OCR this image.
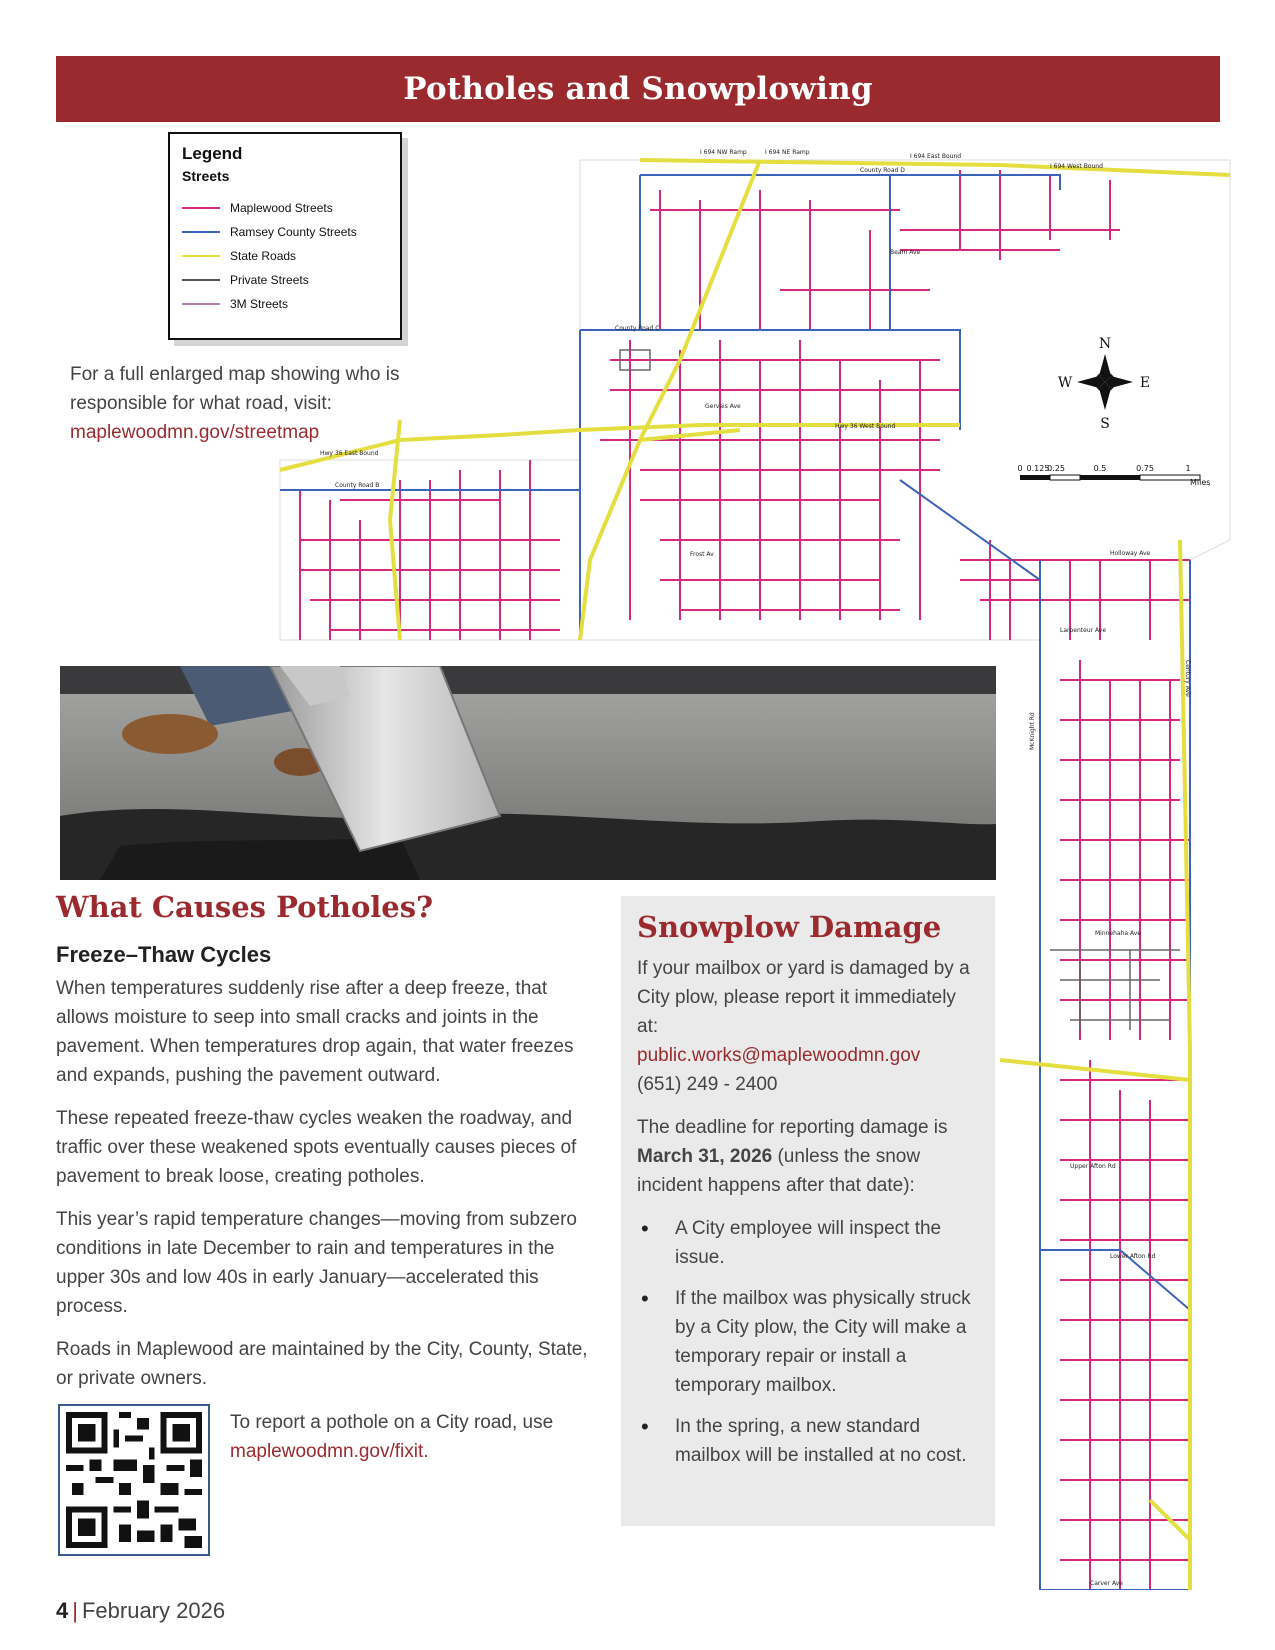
Potholes and Snowplowing
N
S
E
W
0 0.125
0.25	0.5	0.75	1
Miles
I 694 NW Ramp	I 694 NE Ramp
I 694 East Bound
I 694 West Bound
County Road D
County Road C
County Road B
Hwy 36 East Bound
Hwy 36 West Bound
Beam Ave
Gervais Ave
Frost Av
Larpenteur Ave
Holloway Ave
Minnehaha Ave
Lower Afton Rd
Upper Afton Rd
Carver Ave
McKnight Rd
Century Ave

Legend

Streets

Maplewood Streets
Ramsey County Streets
State Roads
Private Streets
3M Streets
For a full enlarged map showing who is responsible for what road, visit:
maplewoodmn.gov/streetmap
What Causes Potholes?
Freeze–Thaw Cycles

When temperatures suddenly rise after a deep freeze, that allows moisture to seep into small cracks and joints in the pavement. When temperatures drop again, that water freezes and expands, pushing the pavement outward.

These repeated freeze-thaw cycles weaken the roadway, and traffic over these weakened spots eventually causes pieces of pavement to break loose, creating potholes.

This year’s rapid temperature changes—moving from subzero conditions in late December to rain and temperatures in the upper 30s and low 40s in early January—accelerated this process.

Roads in Maplewood are maintained by the City, County, State, or private owners.

To report a pothole on a City road, use
maplewoodmn.gov/fixit.
Snowplow Damage

If your mailbox or yard is damaged by a City plow, please report it immediately at:
public.works@maplewoodmn.gov
(651) 249 - 2400

The deadline for reporting damage is March 31, 2026 (unless the snow incident happens after that date):

• A City employee will inspect the issue.
• If the mailbox was physically struck by a City plow, the City will make a temporary repair or install a temporary mailbox.
• In the spring, a new standard mailbox will be installed at no cost.
4 | February 2026
